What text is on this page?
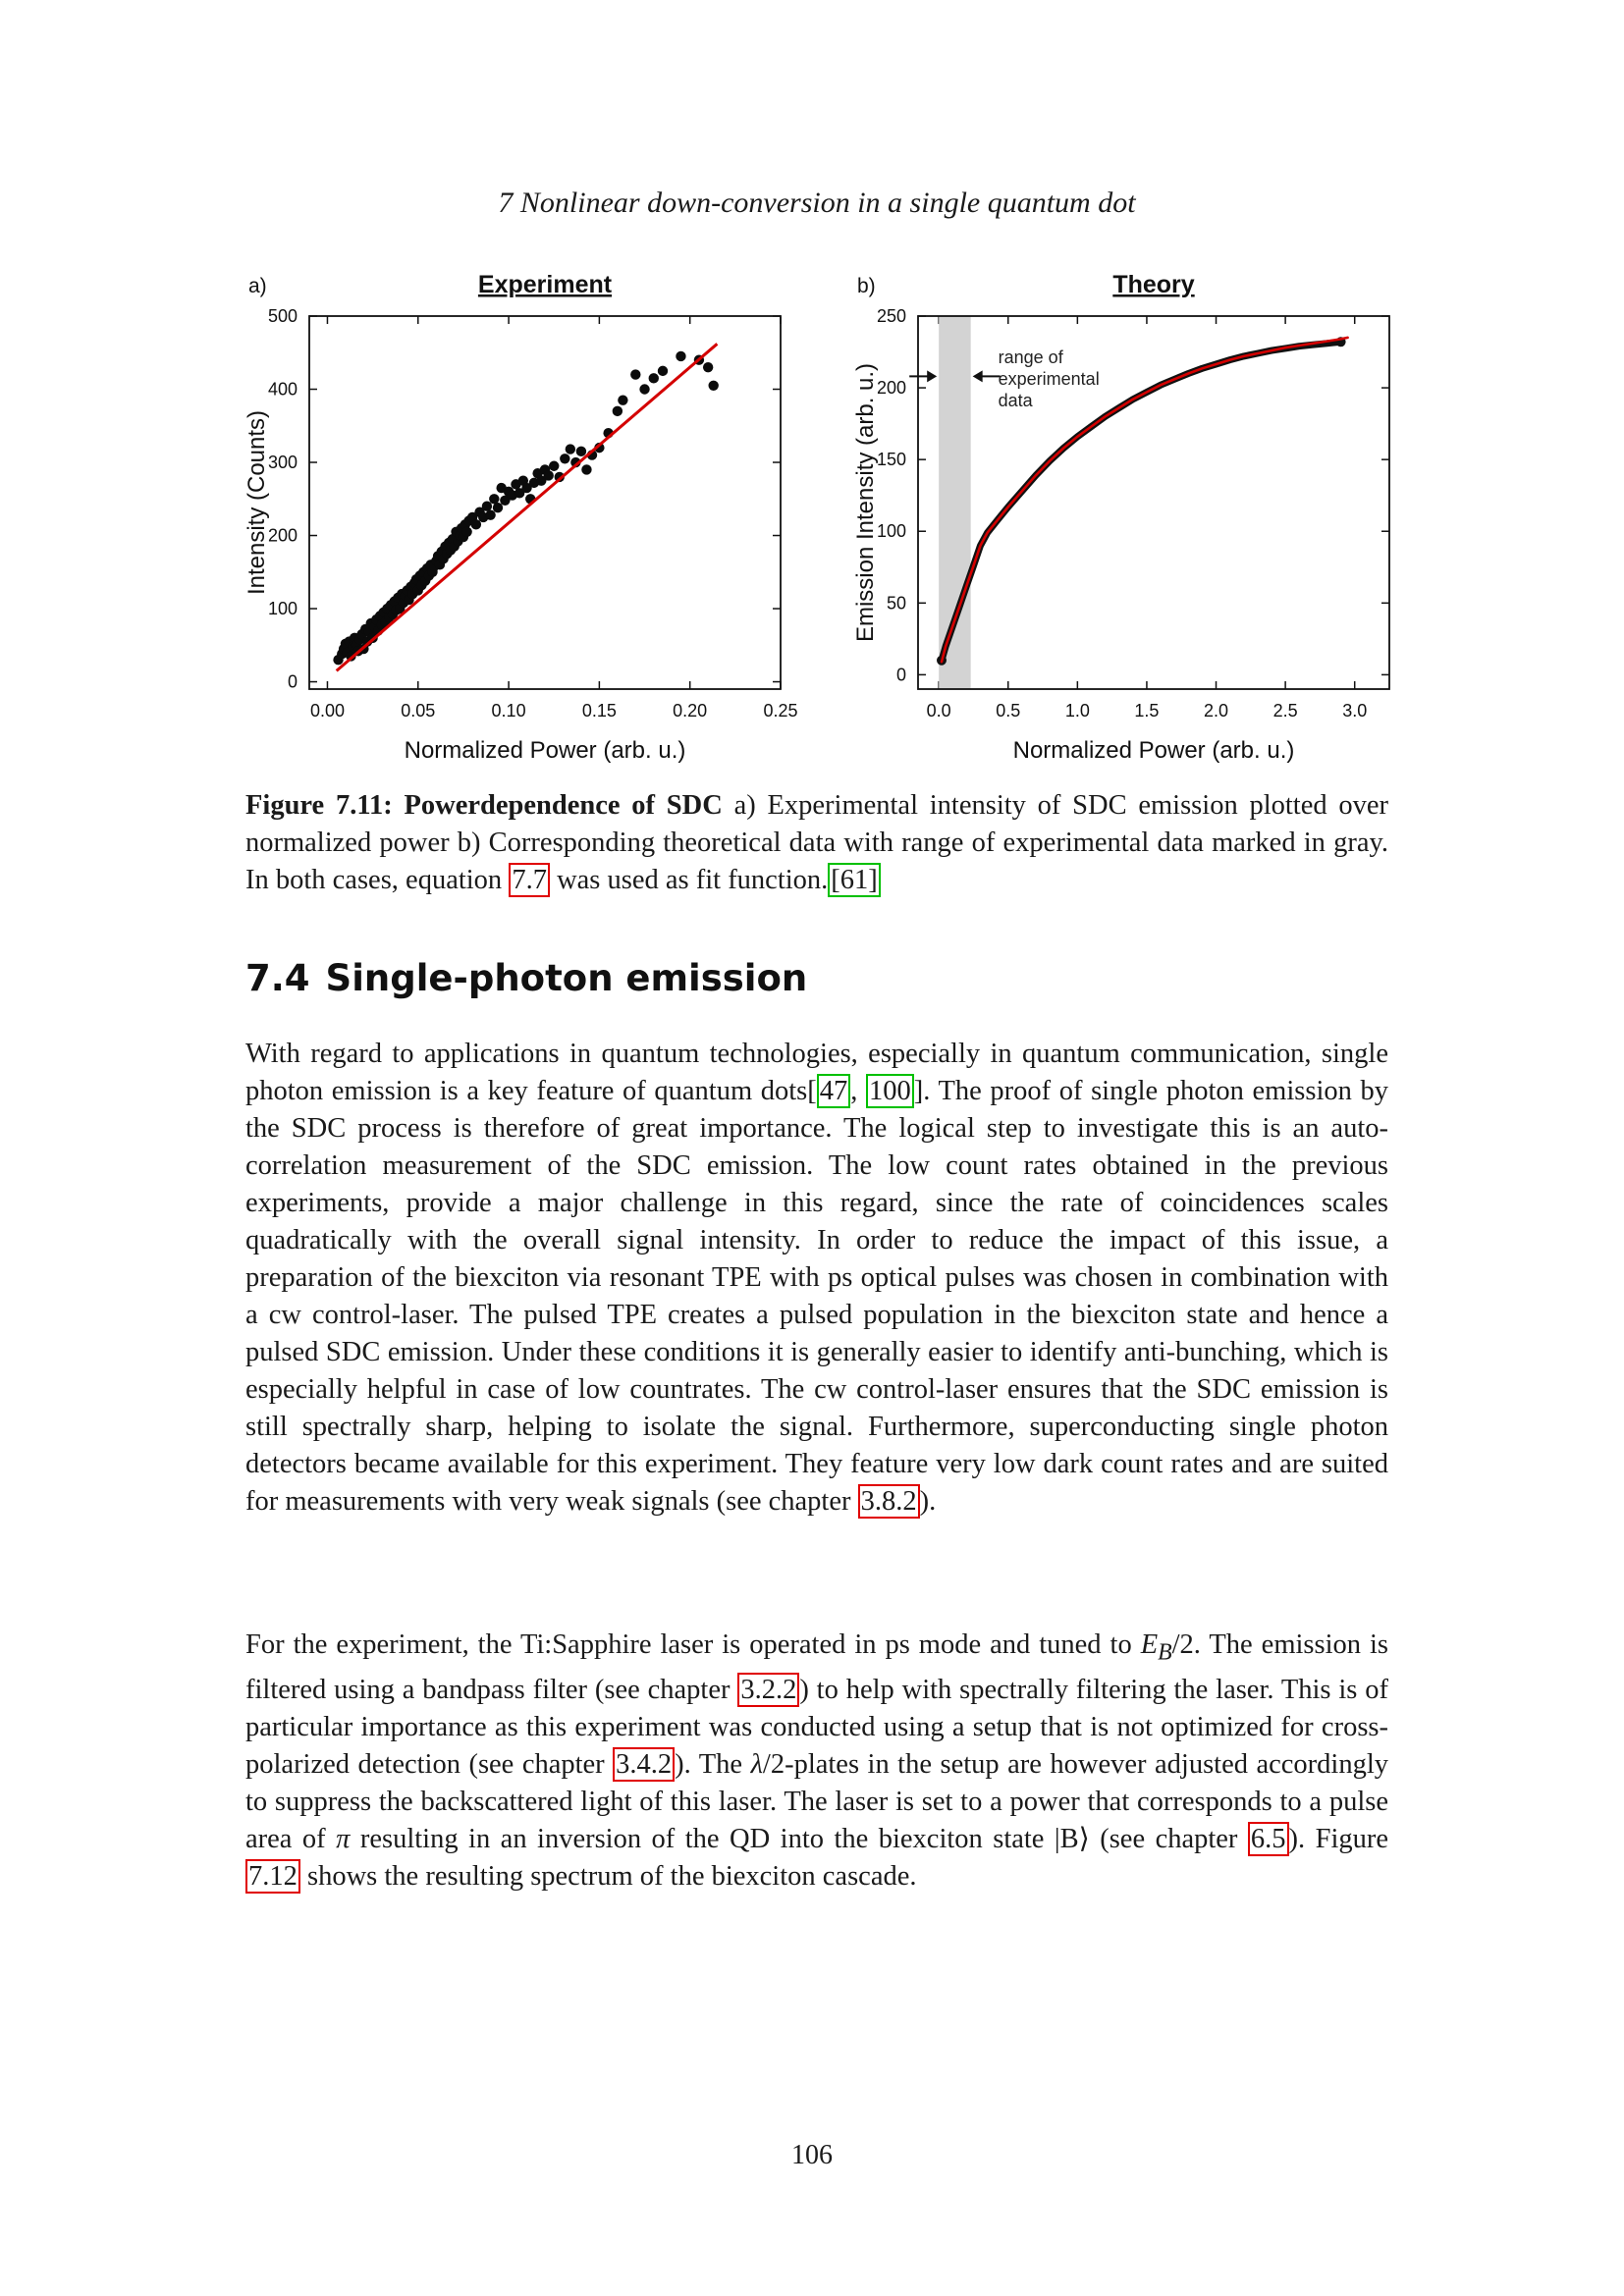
7 Nonlinear down-conversion in a single quantum dot
a)	Experiment
0.00	0.05	0.10	0.15	0.20	0.25
0
100
200
300
400
500
Normalized Power (arb. u.)
Intensity (Counts)
b)	Theory
0.0	0.5	1.0	1.5	2.0	2.5	3.0
0
50
100
150
200
250
Normalized Power (arb. u.)
Emission Intensity (arb. u.)
range of
experimental
data
Figure 7.11: Powerdependence of SDC a) Experimental intensity of SDC emission plotted over normalized power b) Corresponding theoretical data with range of experimental data marked in gray. In both cases, equation 7.7 was used as fit function. [61]
7.4 Single-photon emission
With regard to applications in quantum technologies, especially in quantum communication, single photon emission is a key feature of quantum dots[ 47 , 100 ]. The proof of single photon emission by the SDC process is therefore of great importance. The logical step to investigate this is an auto-correlation measurement of the SDC emission. The low count rates obtained in the previous experiments, provide a major challenge in this regard, since the rate of coincidences scales quadratically with the overall signal intensity. In order to reduce the impact of this issue, a preparation of the biexciton via resonant TPE with ps optical pulses was chosen in combination with a cw control-laser. The pulsed TPE creates a pulsed population in the biexciton state and hence a pulsed SDC emission. Under these conditions it is generally easier to identify anti-bunching, which is especially helpful in case of low countrates. The cw control-laser ensures that the SDC emission is still spectrally sharp, helping to isolate the signal. Furthermore, superconducting single photon detectors became available for this experiment. They feature very low dark count rates and are suited for measurements with very weak signals (see chapter 3.8.2 ).
For the experiment, the Ti:Sapphire laser is operated in ps mode and tuned to $E_B/2$. The emission is filtered using a bandpass filter (see chapter 3.2.2 ) to help with spectrally filtering the laser. This is of particular importance as this experiment was conducted using a setup that is not optimized for cross-polarized detection (see chapter 3.4.2 ). The λ/2-plates in the setup are however adjusted accordingly to suppress the backscattered light of this laser. The laser is set to a power that corresponds to a pulse area of π resulting in an inversion of the QD into the biexciton state |B⟩ (see chapter 6.5 ). Figure 7.12 shows the resulting spectrum of the biexciton cascade.
106
